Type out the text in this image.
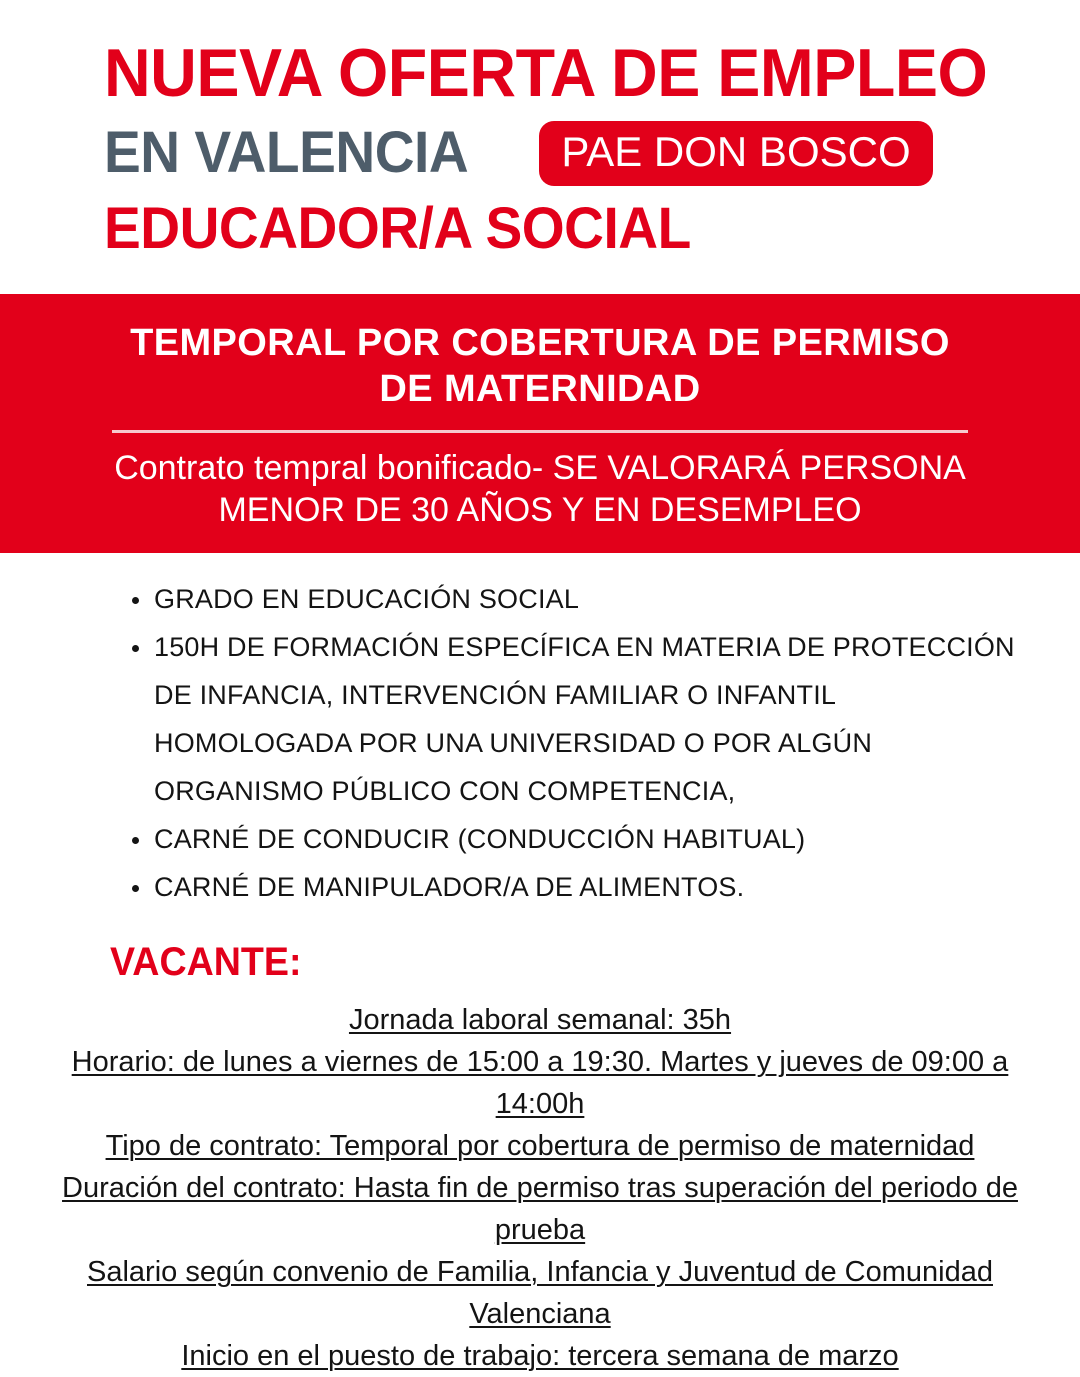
NUEVA OFERTA DE EMPLEO
EN VALENCIA	PAE DON BOSCO
EDUCADOR/A SOCIAL
TEMPORAL POR COBERTURA DE PERMISO DE MATERNIDAD
Contrato tempral bonificado- SE VALORARÁ PERSONA MENOR DE 30 AÑOS Y EN DESEMPLEO
GRADO EN EDUCACIÓN SOCIAL
150H DE FORMACIÓN ESPECÍFICA EN MATERIA DE PROTECCIÓN DE INFANCIA, INTERVENCIÓN FAMILIAR O INFANTIL HOMOLOGADA POR UNA UNIVERSIDAD O POR ALGÚN ORGANISMO PÚBLICO CON COMPETENCIA,
CARNÉ DE CONDUCIR (CONDUCCIÓN HABITUAL)
CARNÉ DE MANIPULADOR/A DE ALIMENTOS.
VACANTE:
Jornada laboral semanal: 35h
Horario: de lunes a viernes de 15:00 a 19:30. Martes y jueves de 09:00 a 14:00h
Tipo de contrato: Temporal por cobertura de permiso de maternidad
Duración del contrato: Hasta fin de permiso tras superación del periodo de prueba
Salario según convenio de Familia, Infancia y Juventud de Comunidad Valenciana
Inicio en el puesto de trabajo: tercera semana de marzo
